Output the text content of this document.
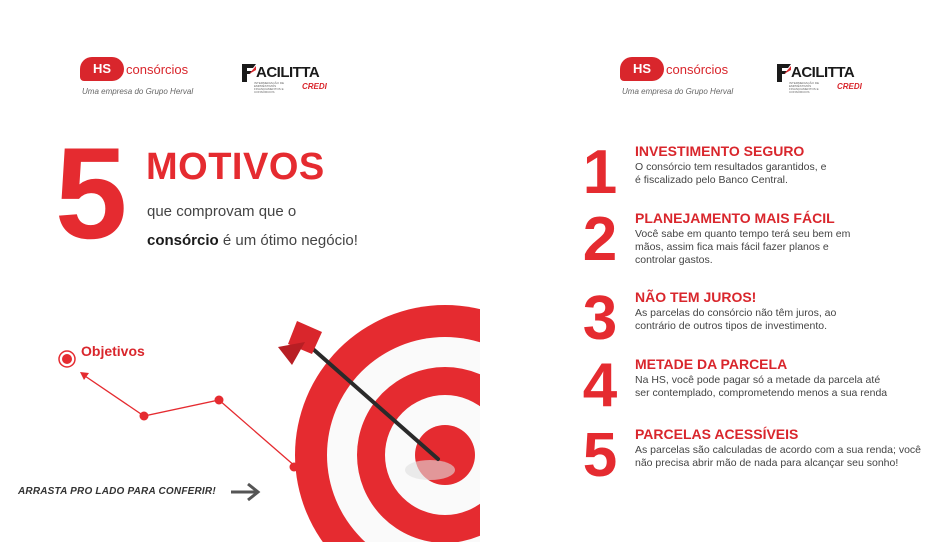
HS	consórcios
Uma empresa do Grupo Herval
ACILITTA
INTERMEDIAÇÃO DE EMPRÉSTIMOS FINANCIAMENTOS E CONSÓRCIOS
CREDI
5 MOTIVOS
que comprovam que o
consórcio é um ótimo negócio!
Objetivos
ARRASTA PRO LADO PARA CONFERIR!
HS	consórcios
Uma empresa do Grupo Herval
ACILITTA
INTERMEDIAÇÃO DE EMPRÉSTIMOS FINANCIAMENTOS E CONSÓRCIOS
CREDI
1	INVESTIMENTO SEGURO
O consórcio tem resultados garantidos, e é fiscalizado pelo Banco Central.
2	PLANEJAMENTO MAIS FÁCIL
Você sabe em quanto tempo terá seu bem em mãos, assim fica mais fácil fazer planos e controlar gastos.
3	NÃO TEM JUROS!
As parcelas do consórcio não têm juros, ao contrário de outros tipos de investimento.
4	METADE DA PARCELA
Na HS, você pode pagar só a metade da parcela até ser contemplado, comprometendo menos a sua renda
5	PARCELAS ACESSÍVEIS
As parcelas são calculadas de acordo com a sua renda; você não precisa abrir mão de nada para alcançar seu sonho!
